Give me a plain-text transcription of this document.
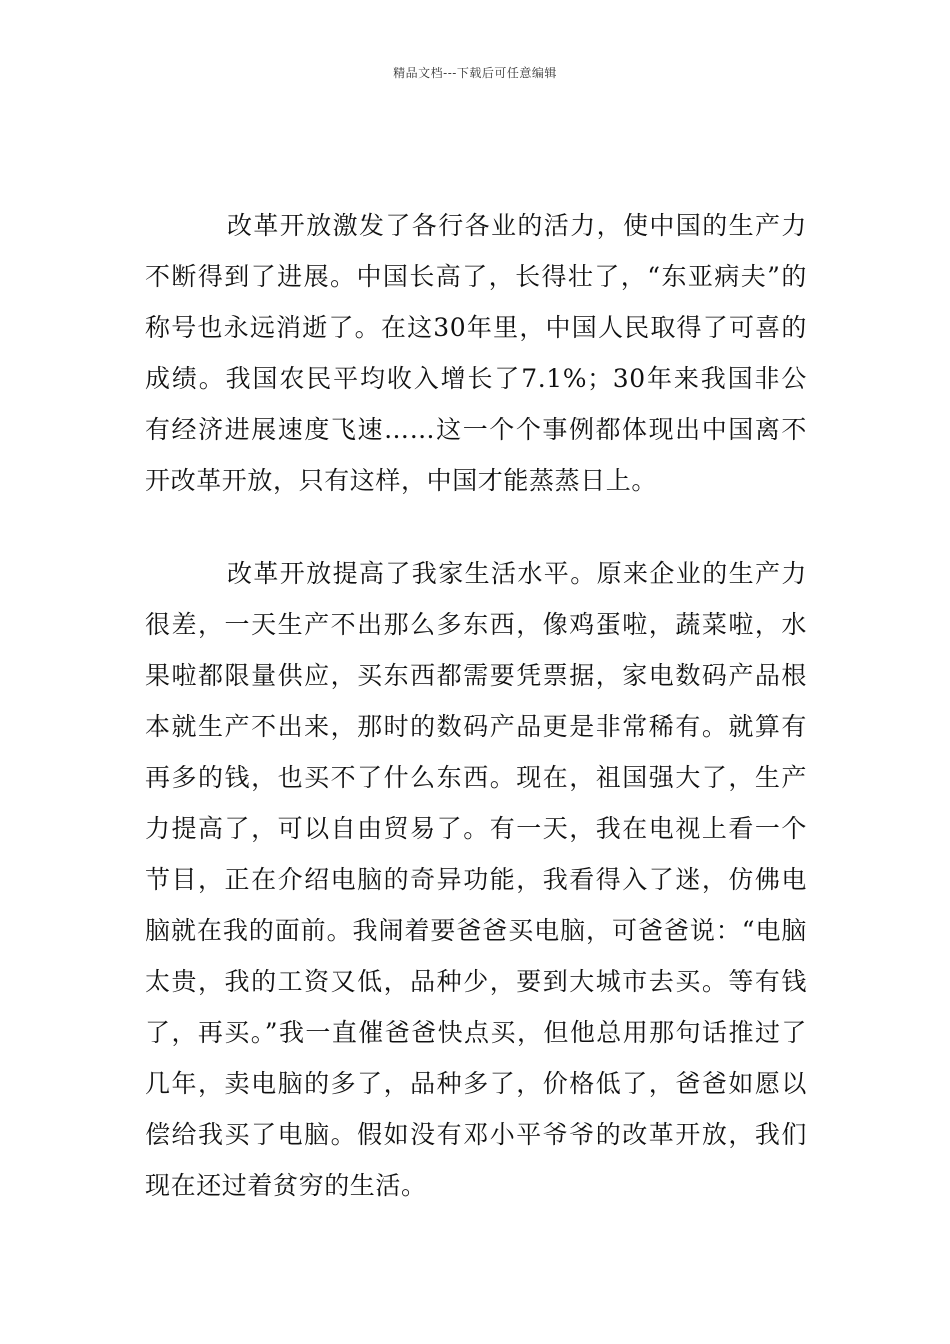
精品文档---下载后可任意编辑

改革开放激发了各行各业的活力，使中国的生产力不断得到了进展。中国长高了，长得壮了，“东亚病夫”的称号也永远消逝了。在这30年里，中国人民取得了可喜的成绩。我国农民平均收入增长了7.1%；30年来我国非公有经济进展速度飞速……这一个个事例都体现出中国离不开改革开放，只有这样，中国才能蒸蒸日上。

改革开放提高了我家生活水平。原来企业的生产力很差，一天生产不出那么多东西，像鸡蛋啦，蔬菜啦，水果啦都限量供应，买东西都需要凭票据，家电数码产品根本就生产不出来，那时的数码产品更是非常稀有。就算有再多的钱，也买不了什么东西。现在，祖国强大了，生产力提高了，可以自由贸易了。有一天，我在电视上看一个节目，正在介绍电脑的奇异功能，我看得入了迷，仿佛电脑就在我的面前。我闹着要爸爸买电脑，可爸爸说：“电脑太贵，我的工资又低，品种少，要到大城市去买。等有钱了，再买。”我一直催爸爸快点买，但他总用那句话推过了几年，卖电脑的多了，品种多了，价格低了，爸爸如愿以偿给我买了电脑。假如没有邓小平爷爷的改革开放，我们现在还过着贫穷的生活。
